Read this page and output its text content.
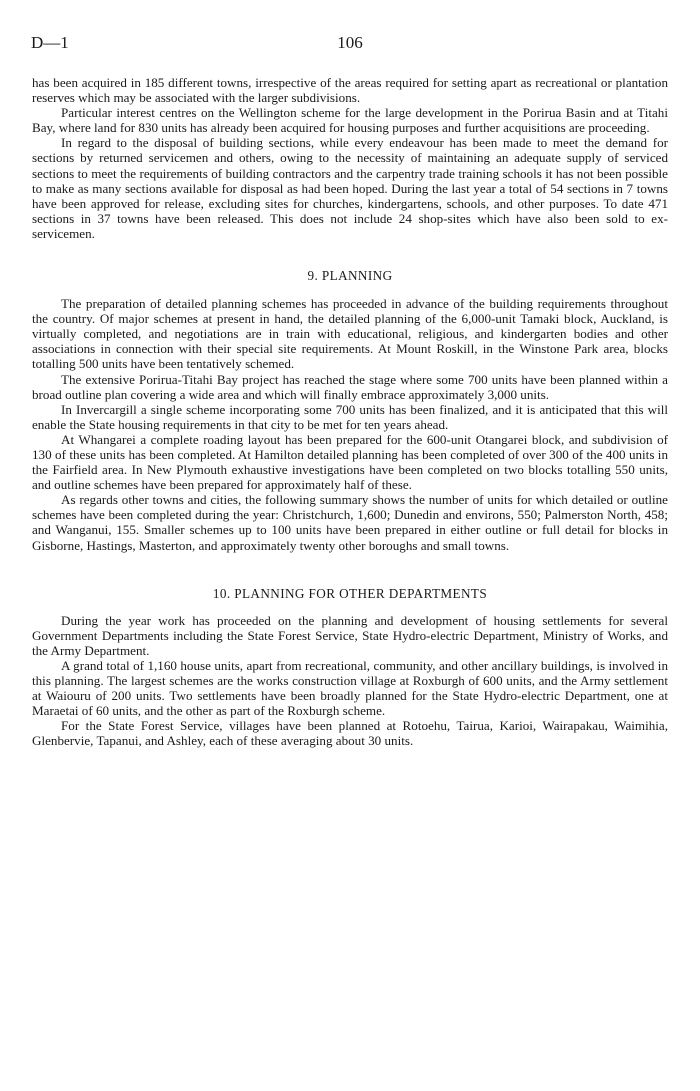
D—1	106

has been acquired in 185 different towns, irrespective of the areas required for setting apart as recreational or plantation reserves which may be associated with the larger subdivisions.

Particular interest centres on the Wellington scheme for the large development in the Porirua Basin and at Titahi Bay, where land for 830 units has already been acquired for housing purposes and further acquisitions are proceeding.

In regard to the disposal of building sections, while every endeavour has been made to meet the demand for sections by returned servicemen and others, owing to the necessity of maintaining an adequate supply of serviced sections to meet the requirements of building contractors and the carpentry trade training schools it has not been possible to make as many sections available for disposal as had been hoped. During the last year a total of 54 sections in 7 towns have been approved for release, excluding sites for churches, kindergartens, schools, and other purposes. To date 471 sections in 37 towns have been released. This does not include 24 shop-sites which have also been sold to ex-servicemen.

9. PLANNING

The preparation of detailed planning schemes has proceeded in advance of the building requirements throughout the country. Of major schemes at present in hand, the detailed planning of the 6,000-unit Tamaki block, Auckland, is virtually completed, and negotiations are in train with educational, religious, and kindergarten bodies and other associations in connection with their special site requirements. At Mount Roskill, in the Winstone Park area, blocks totalling 500 units have been tentatively schemed.

The extensive Porirua-Titahi Bay project has reached the stage where some 700 units have been planned within a broad outline plan covering a wide area and which will finally embrace approximately 3,000 units.

In Invercargill a single scheme incorporating some 700 units has been finalized, and it is anticipated that this will enable the State housing requirements in that city to be met for ten years ahead.

At Whangarei a complete roading layout has been prepared for the 600-unit Otangarei block, and subdivision of 130 of these units has been completed. At Hamilton detailed planning has been completed of over 300 of the 400 units in the Fairfield area. In New Plymouth exhaustive investigations have been completed on two blocks totalling 550 units, and outline schemes have been prepared for approximately half of these.

As regards other towns and cities, the following summary shows the number of units for which detailed or outline schemes have been completed during the year: Christchurch, 1,600; Dunedin and environs, 550; Palmerston North, 458; and Wanganui, 155. Smaller schemes up to 100 units have been prepared in either outline or full detail for blocks in Gisborne, Hastings, Masterton, and approximately twenty other boroughs and small towns.

10. PLANNING FOR OTHER DEPARTMENTS

During the year work has proceeded on the planning and development of housing settlements for several Government Departments including the State Forest Service, State Hydro-electric Department, Ministry of Works, and the Army Department.

A grand total of 1,160 house units, apart from recreational, community, and other ancillary buildings, is involved in this planning. The largest schemes are the works construction village at Roxburgh of 600 units, and the Army settlement at Waiouru of 200 units. Two settlements have been broadly planned for the State Hydro-electric Department, one at Maraetai of 60 units, and the other as part of the Roxburgh scheme.

For the State Forest Service, villages have been planned at Rotoehu, Tairua, Karioi, Wairapakau, Waimihia, Glenbervie, Tapanui, and Ashley, each of these averaging about 30 units.
